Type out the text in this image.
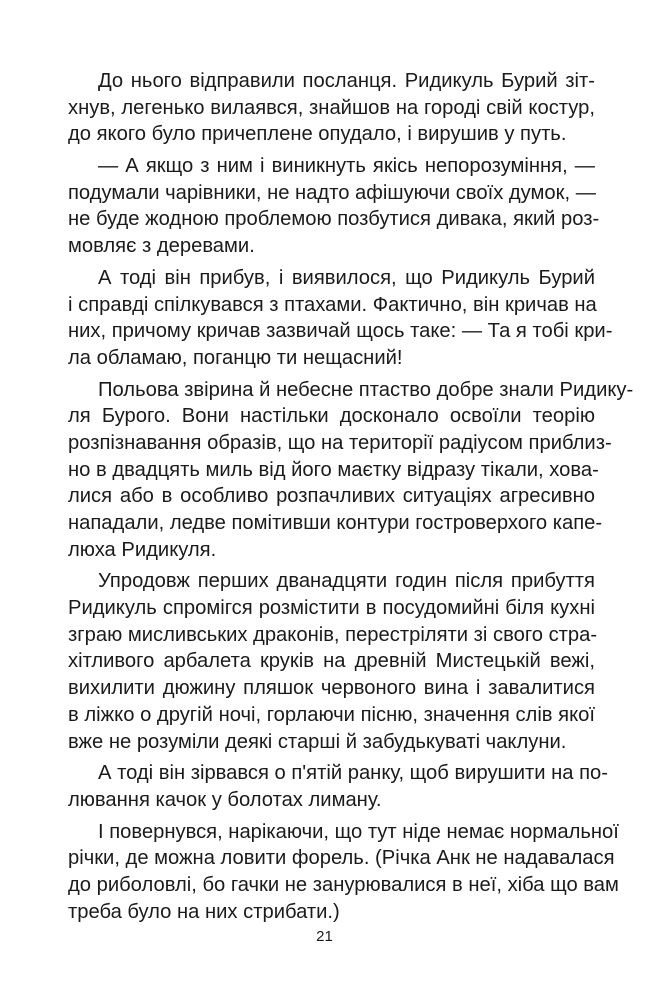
До нього відправили посланця. Ридикуль Бурий зіт-
хнув, легенько вилаявся, знайшов на городі свій костур,
до якого було причеплене опудало, і вирушив у путь.
— А якщо з ним і виникнуть якісь непорозуміння, —
подумали чарівники, не надто афішуючи своїх думок, —
не буде жодною проблемою позбутися дивака, який роз-
мовляє з деревами.
А тоді він прибув, і виявилося, що Ридикуль Бурий
і справді спілкувався з птахами. Фактично, він кричав на
них, причому кричав зазвичай щось таке: — Та я тобі кри-
ла обламаю, поганцю ти нещасний!
Польова звірина й небесне птаство добре знали Ридику-
ля Бурого. Вони настільки досконало освоїли теорію
розпізнавання образів, що на території радіусом приблиз-
но в двадцять миль від його маєтку відразу тікали, хова-
лися або в особливо розпачливих ситуаціях агресивно
нападали, ледве помітивши контури гостроверхого капе-
люха Ридикуля.
Упродовж перших дванадцяти годин після прибуття
Ридикуль спромігся розмістити в посудомийні біля кухні
зграю мисливських драконів, перестріляти зі свого стра-
хітливого арбалета круків на древній Мистецькій вежі,
вихилити дюжину пляшок червоного вина і завалитися
в ліжко о другій ночі, горлаючи пісню, значення слів якої
вже не розуміли деякі старші й забудькуваті чаклуни.
А тоді він зірвався о п'ятій ранку, щоб вирушити на по-
лювання качок у болотах лиману.
І повернувся, нарікаючи, що тут ніде немає нормальної
річки, де можна ловити форель. (Річка Анк не надавалася
до риболовлі, бо гачки не занурювалися в неї, хіба що вам
треба було на них стрибати.)
21
